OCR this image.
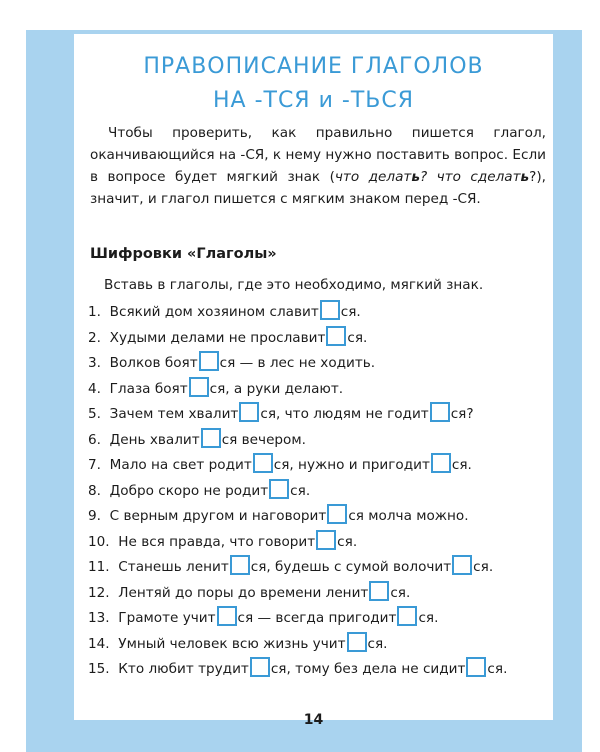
ПРАВОПИСАНИЕ ГЛАГОЛОВ
НА -ТСЯ и -ТЬСЯ

Чтобы проверить, как правильно пишется глагол, оканчивающийся на -СЯ, к нему нужно поставить вопрос. Если в вопросе будет мягкий знак (что делать? что сделать?), значит, и глагол пишется с мягким знаком перед -СЯ.

Шифровки «Глаголы»
Вставь в глаголы, где это необходимо, мягкий знак.
1. Всякий дом хозяином славит ся.
2. Худыми делами не прославит ся.
3. Волков боят ся — в лес не ходить.
4. Глаза боят ся, а руки делают.
5. Зачем тем хвалит ся, что людям не годит ся?
6. День хвалит ся вечером.
7. Мало на свет родит ся, нужно и пригодит ся.
8. Добро скоро не родит ся.
9. С верным другом и наговорит ся молча можно.
10. Не вся правда, что говорит ся.
11. Станешь ленит ся, будешь с сумой волочит ся.
12. Лентяй до поры до времени ленит ся.
13. Грамоте учит ся — всегда пригодит ся.
14. Умный человек всю жизнь учит ся.
15. Кто любит трудит ся, тому без дела не сидит ся.
14
